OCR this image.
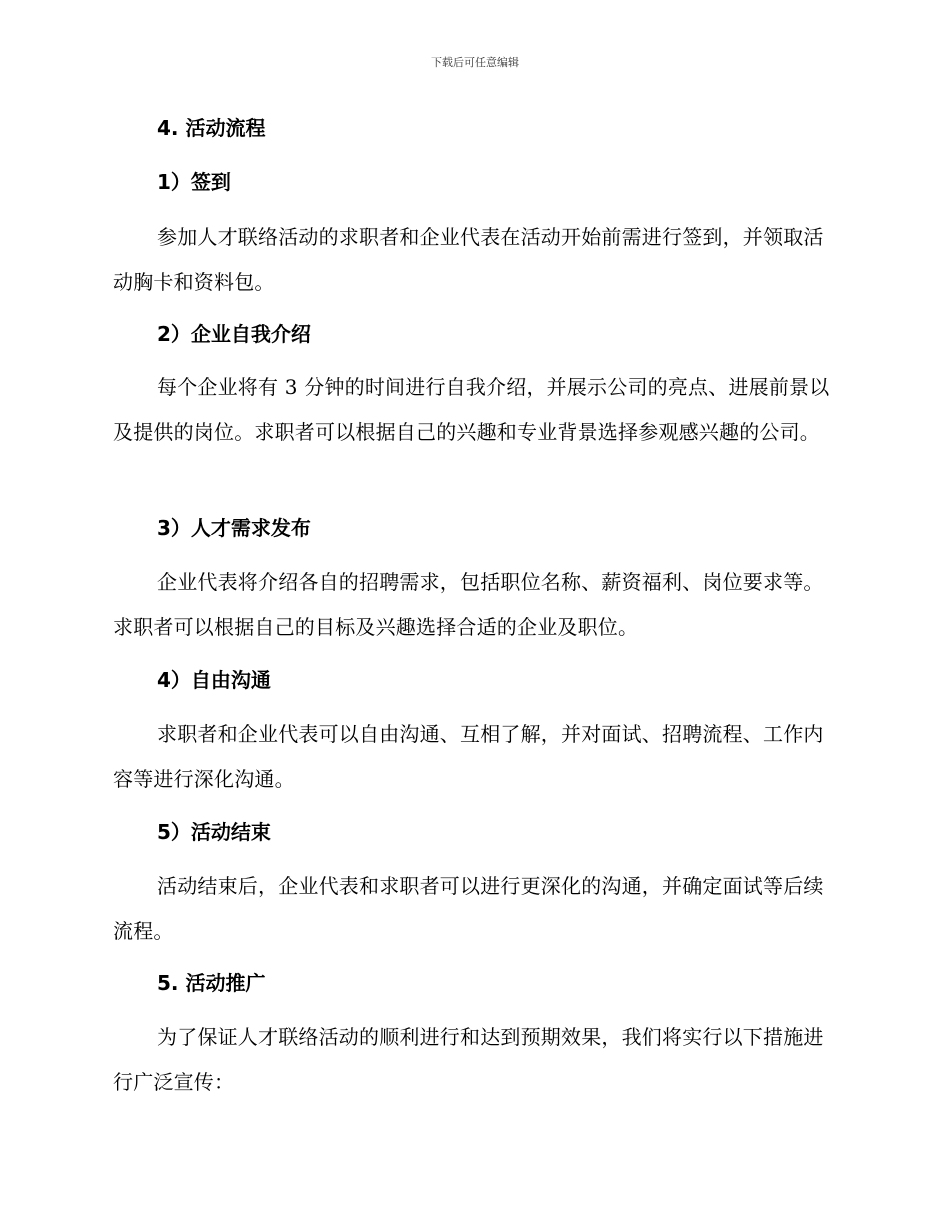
下载后可任意编辑
4. 活动流程
1）签到

参加人才联络活动的求职者和企业代表在活动开始前需进行签到，并领取活动胸卡和资料包。

2）企业自我介绍

每个企业将有 3 分钟的时间进行自我介绍，并展示公司的亮点、进展前景以及提供的岗位。求职者可以根据自己的兴趣和专业背景选择参观感兴趣的公司。

3）人才需求发布

企业代表将介绍各自的招聘需求，包括职位名称、薪资福利、岗位要求等。求职者可以根据自己的目标及兴趣选择合适的企业及职位。

4）自由沟通

求职者和企业代表可以自由沟通、互相了解，并对面试、招聘流程、工作内容等进行深化沟通。

5）活动结束

活动结束后，企业代表和求职者可以进行更深化的沟通，并确定面试等后续流程。

5. 活动推广

为了保证人才联络活动的顺利进行和达到预期效果，我们将实行以下措施进行广泛宣传：
